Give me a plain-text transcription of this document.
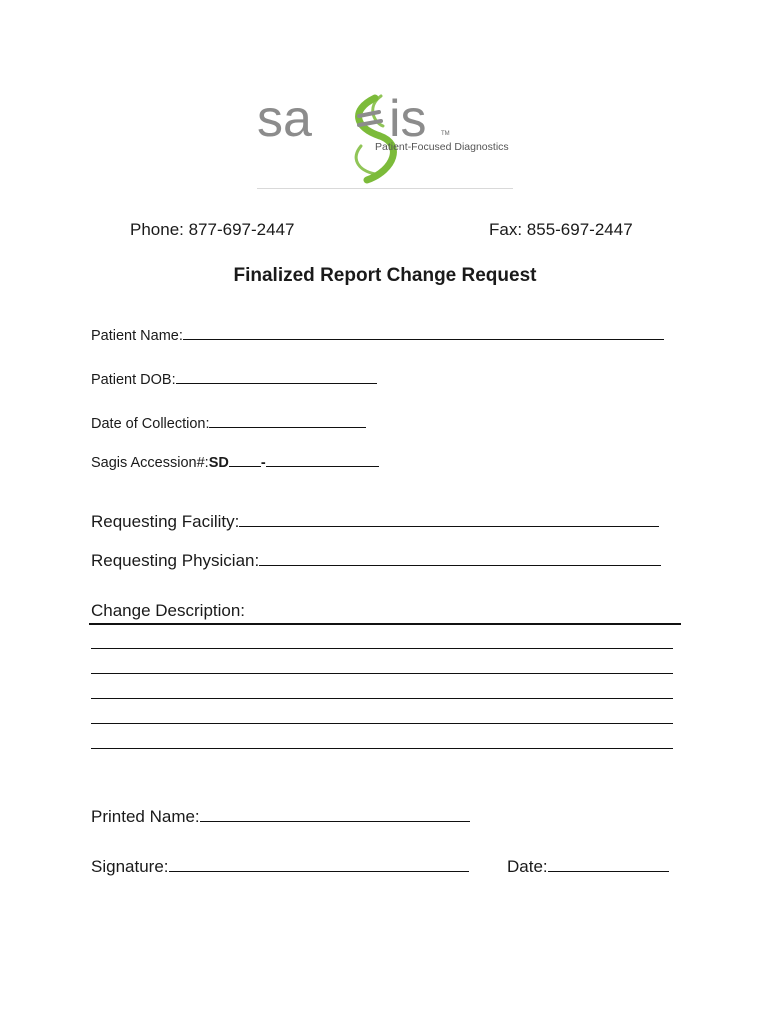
sa is TM
Patient-Focused Diagnostics
Phone: 877-697-2447	Fax: 855-697-2447
Finalized Report Change Request
Patient Name:
Patient DOB:
Date of Collection:
Sagis Accession#:SD -
Requesting Facility:
Requesting Physician:
Change Description:
Printed Name:
Signature:	Date:
